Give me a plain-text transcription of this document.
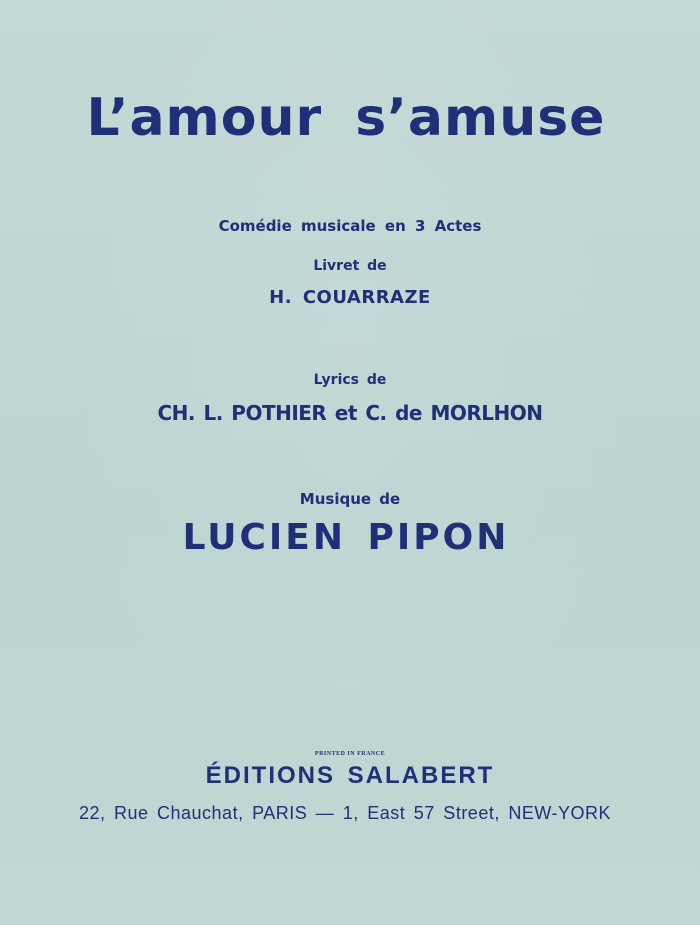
L’amour s’amuse
Comédie musicale en 3 Actes
Livret de
H. COUARRAZE
Lyrics de
CH. L. POTHIER et C. de MORLHON
Musique de
LUCIEN PIPON
PRINTED IN FRANCE
ÉDITIONS SALABERT
22, Rue Chauchat, PARIS — 1, East 57 Street, NEW-YORK
